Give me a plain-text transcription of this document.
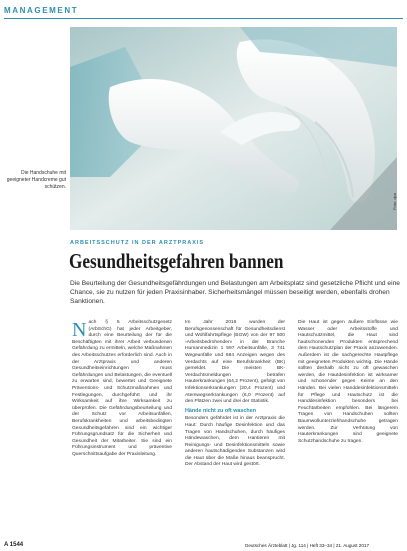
MANAGEMENT
Foto: dpa
Die Handschuhe mit geeigneter Handcreme gut schützen.
ARBEITSSCHUTZ IN DER ARZTPRAXIS
Gesundheitsgefahren bannen
Die Beurteilung der Gesundheitsgefährdungen und Belastungen am Arbeitsplatz sind gesetzliche Pflicht und eine Chance, sie zu nutzen für jeden Praxisinhaber. Sicherheitsmängel müssen beseitigt werden, ebenfalls drohen Sanktionen.
N ach § 5 Arbeitsschutzgesetz (ArbSchG) hat jeder Arbeitgeber, durch eine Beurteilung der für die Beschäftigten mit ihrer Arbeit verbundenen Gefährdung zu ermitteln, welche Maßnahmen des Arbeitsschutzes erforderlich sind. Auch in der Arztpraxis und anderen Gesundheitseinrichtungen muss Gefährdungen und Belastungen, die eventuell zu erwarten sind, bewertet und Geeignete Präventions- und Schutzmaßnahmen und Festlegungen, durchgeführt und ihr Wirksamkeit auf ihre Wirksamkeit zu überprüfen. Die Gefährdungsbeurteilung und der Schutz vor Arbeitsunfällen, Berufskrankheiten und arbeitsbedingten Gesundheitsgefahren sind ein wichtiger Führungsgrundsatz für die Sicherheit und Gesundheit der Mitarbeiter. Sie sind ein Führungsinstrument und präventive Querschnittsaufgabe der Praxisleitung.
Im Jahr 2016 wurden der Berufsgenossenschaft für Gesundheitsdienst und Wohlfahrtspflege (BGW) von der 97 500 ›Arbeitsbedrohenden‹ in der Branche Humanmedizin 1 597 Arbeitsunfälle, 3 741 Wegeunfälle und 684 Anzeigen wegen des Verdachts auf eine Berufskrankheit (BK) gemeldet. Die meisten BK-Verdachtsmeldungen betrafen Hauterkrankungen (64,2 Prozent), gefolgt von Infektionserkrankungen (20,4 Prozent) und Atemwegserkrankungen (6,0 Prozent) auf den Plätzen zwei und drei der Statistik.
Hände nicht zu oft waschen
Besonders gefährdet ist in der Arztpraxis die Haut: Durch häufige Desinfektion und das Tragen von Handschuhen, durch häufiges Händewaschen, dem Hantieren mit Reinigungs- und Desinfektionsmitteln sowie anderen hautschädigenden Substanzen wird die Haut über die Maße hinaus beansprucht. Der Abstand der Haut wird gestört.
Die Haut ist gegen äußere Einflüsse wie Wasser oder Arbeitsstoffe und Hautschutzmittel, die Haut sind hautschonenden Produkten entsprechend dem Hautschutzplan der Praxis anzuwenden. Außerdem ist die sachgerechte Hautpflege mit geeigneten Produkten wichtig. Die Hände sollten deshalb nicht zu oft gewaschen werden, die Hautdesinfektion ist wirksamer und schonender gegen Keime an den Händen. Bei vielen Handdesinfektionsmitteln für Pflege und Hautschutz ist die Handdesinfektion besonders bei Feuchtarbeiten empfohlen. Bei längerem Tragen von Handschuhen sollten Baumwollunterziehhandschuhe getragen werden. Zur Verhütung von Hauterkrankungen sind geeignete Schutzhandschuhe zu tragen.
A 1544	Deutsches Ärzteblatt | Jg. 114 | Heft 33–34 | 21. August 2017
